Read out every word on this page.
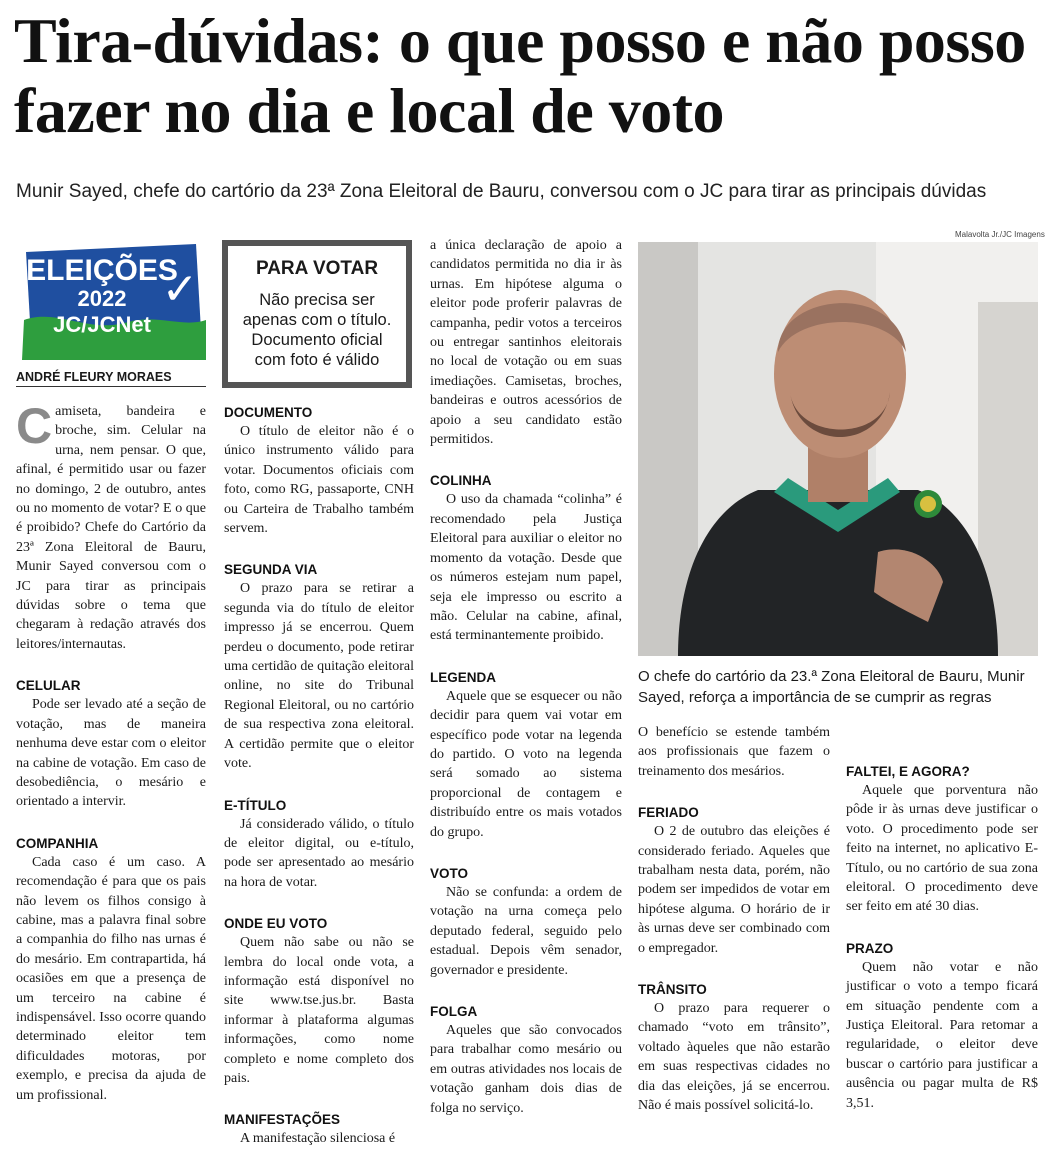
Tira-dúvidas: o que posso e não posso fazer no dia e local de voto

Munir Sayed, chefe do cartório da 23ª Zona Eleitoral de Bauru, conversou com o JC para tirar as principais dúvidas

Malavolta Jr./JC Imagens
ELEIÇÕES
2022
JC/JCNet
✓
ANDRÉ FLEURY MORAES

Camiseta, bandeira e broche, sim. Celular na urna, nem pensar. O que, afinal, é permitido usar ou fazer no domingo, 2 de outubro, antes ou no momento de votar? E o que é proibido? Chefe do Cartório da 23ª Zona Eleitoral de Bauru, Munir Sayed conversou com o JC para tirar as principais dúvidas sobre o tema que chegaram à redação através dos leitores/internautas.

CELULAR

Pode ser levado até a seção de votação, mas de maneira nenhuma deve estar com o eleitor na cabine de votação. Em caso de desobediência, o mesário e orientado a intervir.

COMPANHIA

Cada caso é um caso. A recomendação é para que os pais não levem os filhos consigo à cabine, mas a palavra final sobre a companhia do filho nas urnas é do mesário. Em contrapartida, há ocasiões em que a presença de um terceiro na cabine é indispensável. Isso ocorre quando determinado eleitor tem dificuldades motoras, por exemplo, e precisa da ajuda de um profissional.

PARA VOTAR
Não precisa ser apenas com o título. Documento oficial com foto é válido
DOCUMENTO

O título de eleitor não é o único instrumento válido para votar. Documentos oficiais com foto, como RG, passaporte, CNH ou Carteira de Trabalho também servem.

SEGUNDA VIA

O prazo para se retirar a segunda via do título de eleitor impresso já se encerrou. Quem perdeu o documento, pode retirar uma certidão de quitação eleitoral online, no site do Tribunal Regional Eleitoral, ou no cartório de sua respectiva zona eleitoral. A certidão permite que o eleitor vote.

E-TÍTULO

Já considerado válido, o título de eleitor digital, ou e-título, pode ser apresentado ao mesário na hora de votar.

ONDE EU VOTO

Quem não sabe ou não se lembra do local onde vota, a informação está disponível no site www.tse.jus.br. Basta informar à plataforma algumas informações, como nome completo e nome completo dos pais.

MANIFESTAÇÕES

A manifestação silenciosa é

a única declaração de apoio a candidatos permitida no dia ir às urnas. Em hipótese alguma o eleitor pode proferir palavras de campanha, pedir votos a terceiros ou entregar santinhos eleitorais no local de votação ou em suas imediações. Camisetas, broches, bandeiras e outros acessórios de apoio a seu candidato estão permitidos.

COLINHA

O uso da chamada “colinha” é recomendado pela Justiça Eleitoral para auxiliar o eleitor no momento da votação. Desde que os números estejam num papel, seja ele impresso ou escrito a mão. Celular na cabine, afinal, está terminantemente proibido.

LEGENDA

Aquele que se esquecer ou não decidir para quem vai votar em específico pode votar na legenda do partido. O voto na legenda será somado ao sistema proporcional de contagem e distribuído entre os mais votados do grupo.

VOTO

Não se confunda: a ordem de votação na urna começa pelo deputado federal, seguido pelo estadual. Depois vêm senador, governador e presidente.

FOLGA

Aqueles que são convocados para trabalhar como mesário ou em outras atividades nos locais de votação ganham dois dias de folga no serviço.

O chefe do cartório da 23.ª Zona Eleitoral de Bauru, Munir Sayed, reforça a importância de se cumprir as regras

O benefício se estende também aos profissionais que fazem o treinamento dos mesários.

FERIADO

O 2 de outubro das eleições é considerado feriado. Aqueles que trabalham nesta data, porém, não podem ser impedidos de votar em hipótese alguma. O horário de ir às urnas deve ser combinado com o empregador.

TRÂNSITO

O prazo para requerer o chamado “voto em trânsito”, voltado àqueles que não estarão em suas respectivas cidades no dia das eleições, já se encerrou. Não é mais possível solicitá-lo.

FALTEI, E AGORA?

Aquele que porventura não pôde ir às urnas deve justificar o voto. O procedimento pode ser feito na internet, no aplicativo E-Título, ou no cartório de sua zona eleitoral. O procedimento deve ser feito em até 30 dias.

PRAZO

Quem não votar e não justificar o voto a tempo ficará em situação pendente com a Justiça Eleitoral. Para retomar a regularidade, o eleitor deve buscar o cartório para justificar a ausência ou pagar multa de R$ 3,51.
